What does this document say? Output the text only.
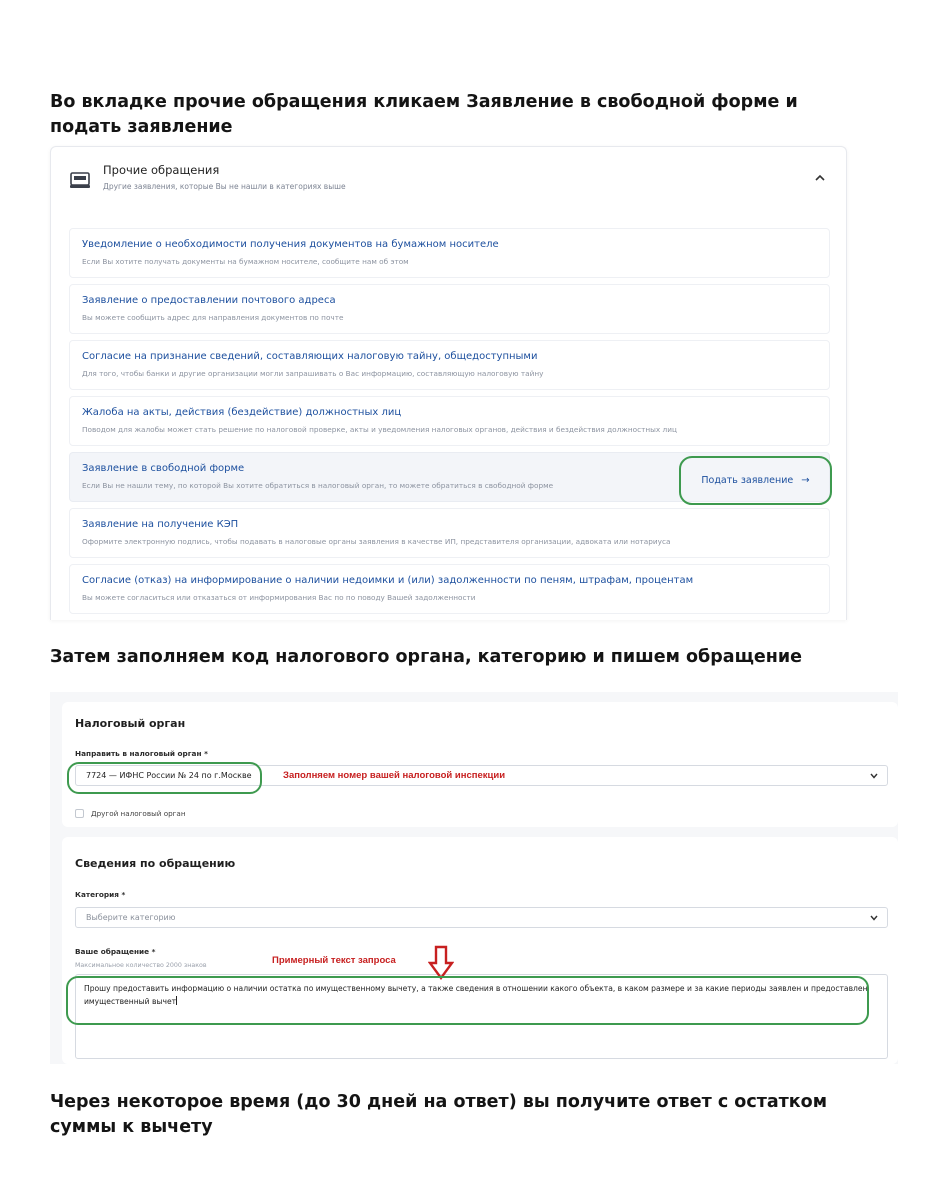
Во вкладке прочие обращения кликаем Заявление в свободной форме и подать заявление
Прочие обращения
Другие заявления, которые Вы не нашли в категориях выше
Уведомление о необходимости получения документов на бумажном носителе
Если Вы хотите получать документы на бумажном носителе, сообщите нам об этом
Заявление о предоставлении почтового адреса
Вы можете сообщить адрес для направления документов по почте
Согласие на признание сведений, составляющих налоговую тайну, общедоступными
Для того, чтобы банки и другие организации могли запрашивать о Вас информацию, составляющую налоговую тайну
Жалоба на акты, действия (бездействие) должностных лиц
Поводом для жалобы может стать решение по налоговой проверке, акты и уведомления налоговых органов, действия и бездействия должностных лиц
Заявление в свободной форме
Если Вы не нашли тему, по которой Вы хотите обратиться в налоговый орган, то можете обратиться в свободной форме
Заявление на получение КЭП
Оформите электронную подпись, чтобы подавать в налоговые органы заявления в качестве ИП, представителя организации, адвоката или нотариуса
Согласие (отказ) на информирование о наличии недоимки и (или) задолженности по пеням, штрафам, процентам
Вы можете согласиться или отказаться от информирования Вас по по поводу Вашей задолженности
Подать заявление →
Затем заполняем код налогового органа, категорию и пишем обращение
Налоговый орган
Направить в налоговый орган *
7724 — ИФНС России № 24 по г.Москве
Другой налоговый орган
Сведения по обращению
Категория *
Выберите категорию
Ваше обращение *
Максимальное количество 2000 знаков
Прошу предоставить информацию о наличии остатка по имущественному вычету, а также сведения в отношении какого объекта, в каком размере и за какие периоды заявлен и предоставлен имущественный вычет
Заполняем номер вашей налоговой инспекции
Примерный текст запроса
Через некоторое время (до 30 дней на ответ) вы получите ответ с остатком суммы к вычету
